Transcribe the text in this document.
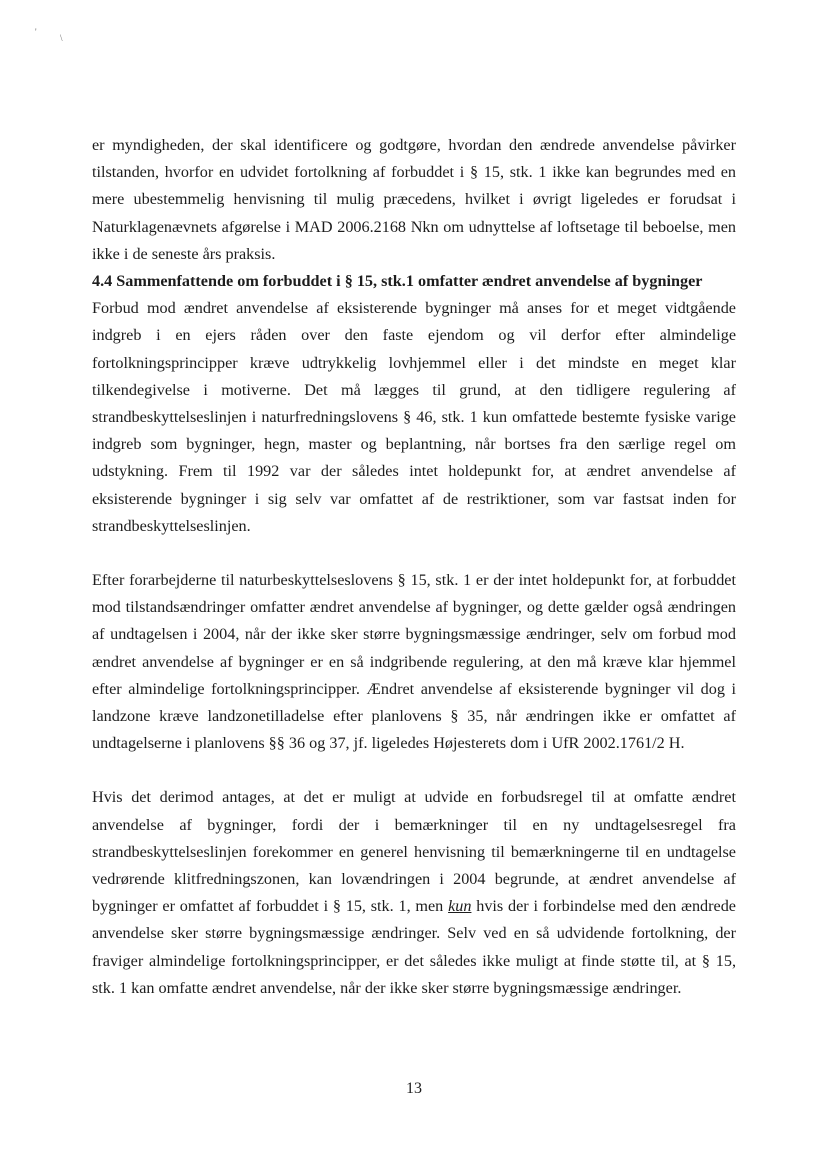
'
\

er myndigheden, der skal identificere og godtgøre, hvordan den ændrede anvendelse påvirker tilstanden, hvorfor en udvidet fortolkning af forbuddet i § 15, stk. 1 ikke kan begrundes med en mere ubestemmelig henvisning til mulig præcedens, hvilket i øvrigt ligeledes er forudsat i Naturklagenævnets afgørelse i MAD 2006.2168 Nkn om udnyttelse af loftsetage til beboelse, men ikke i de seneste års praksis.

4.4 Sammenfattende om forbuddet i § 15, stk.1 omfatter ændret anvendelse af bygninger

Forbud mod ændret anvendelse af eksisterende bygninger må anses for et meget vidtgående indgreb i en ejers råden over den faste ejendom og vil derfor efter almindelige fortolkningsprincipper kræve udtrykkelig lovhjemmel eller i det mindste en meget klar tilkendegivelse i motiverne. Det må lægges til grund, at den tidligere regulering af strandbeskyttelseslinjen i naturfredningslovens § 46, stk. 1 kun omfattede bestemte fysiske varige indgreb som bygninger, hegn, master og beplantning, når bortses fra den særlige regel om udstykning. Frem til 1992 var der således intet holdepunkt for, at ændret anvendelse af eksisterende bygninger i sig selv var omfattet af de restriktioner, som var fastsat inden for strandbeskyttelseslinjen.

Efter forarbejderne til naturbeskyttelseslovens § 15, stk. 1 er der intet holdepunkt for, at forbuddet mod tilstandsændringer omfatter ændret anvendelse af bygninger, og dette gælder også ændringen af undtagelsen i 2004, når der ikke sker større bygningsmæssige ændringer, selv om forbud mod ændret anvendelse af bygninger er en så indgribende regulering, at den må kræve klar hjemmel efter almindelige fortolkningsprincipper. Ændret anvendelse af eksisterende bygninger vil dog i landzone kræve landzonetilladelse efter planlovens § 35, når ændringen ikke er omfattet af undtagelserne i planlovens §§ 36 og 37, jf. ligeledes Højesterets dom i UfR 2002.1761/2 H.

Hvis det derimod antages, at det er muligt at udvide en forbudsregel til at omfatte ændret anvendelse af bygninger, fordi der i bemærkninger til en ny undtagelsesregel fra strandbeskyttelseslinjen forekommer en generel henvisning til bemærkningerne til en undtagelse vedrørende klitfredningszonen, kan lovændringen i 2004 begrunde, at ændret anvendelse af bygninger er omfattet af forbuddet i § 15, stk. 1, men kun hvis der i forbindelse med den ændrede anvendelse sker større bygningsmæssige ændringer. Selv ved en så udvidende fortolkning, der fraviger almindelige fortolkningsprincipper, er det således ikke muligt at finde støtte til, at § 15, stk. 1 kan omfatte ændret anvendelse, når der ikke sker større bygningsmæssige ændringer.

13
